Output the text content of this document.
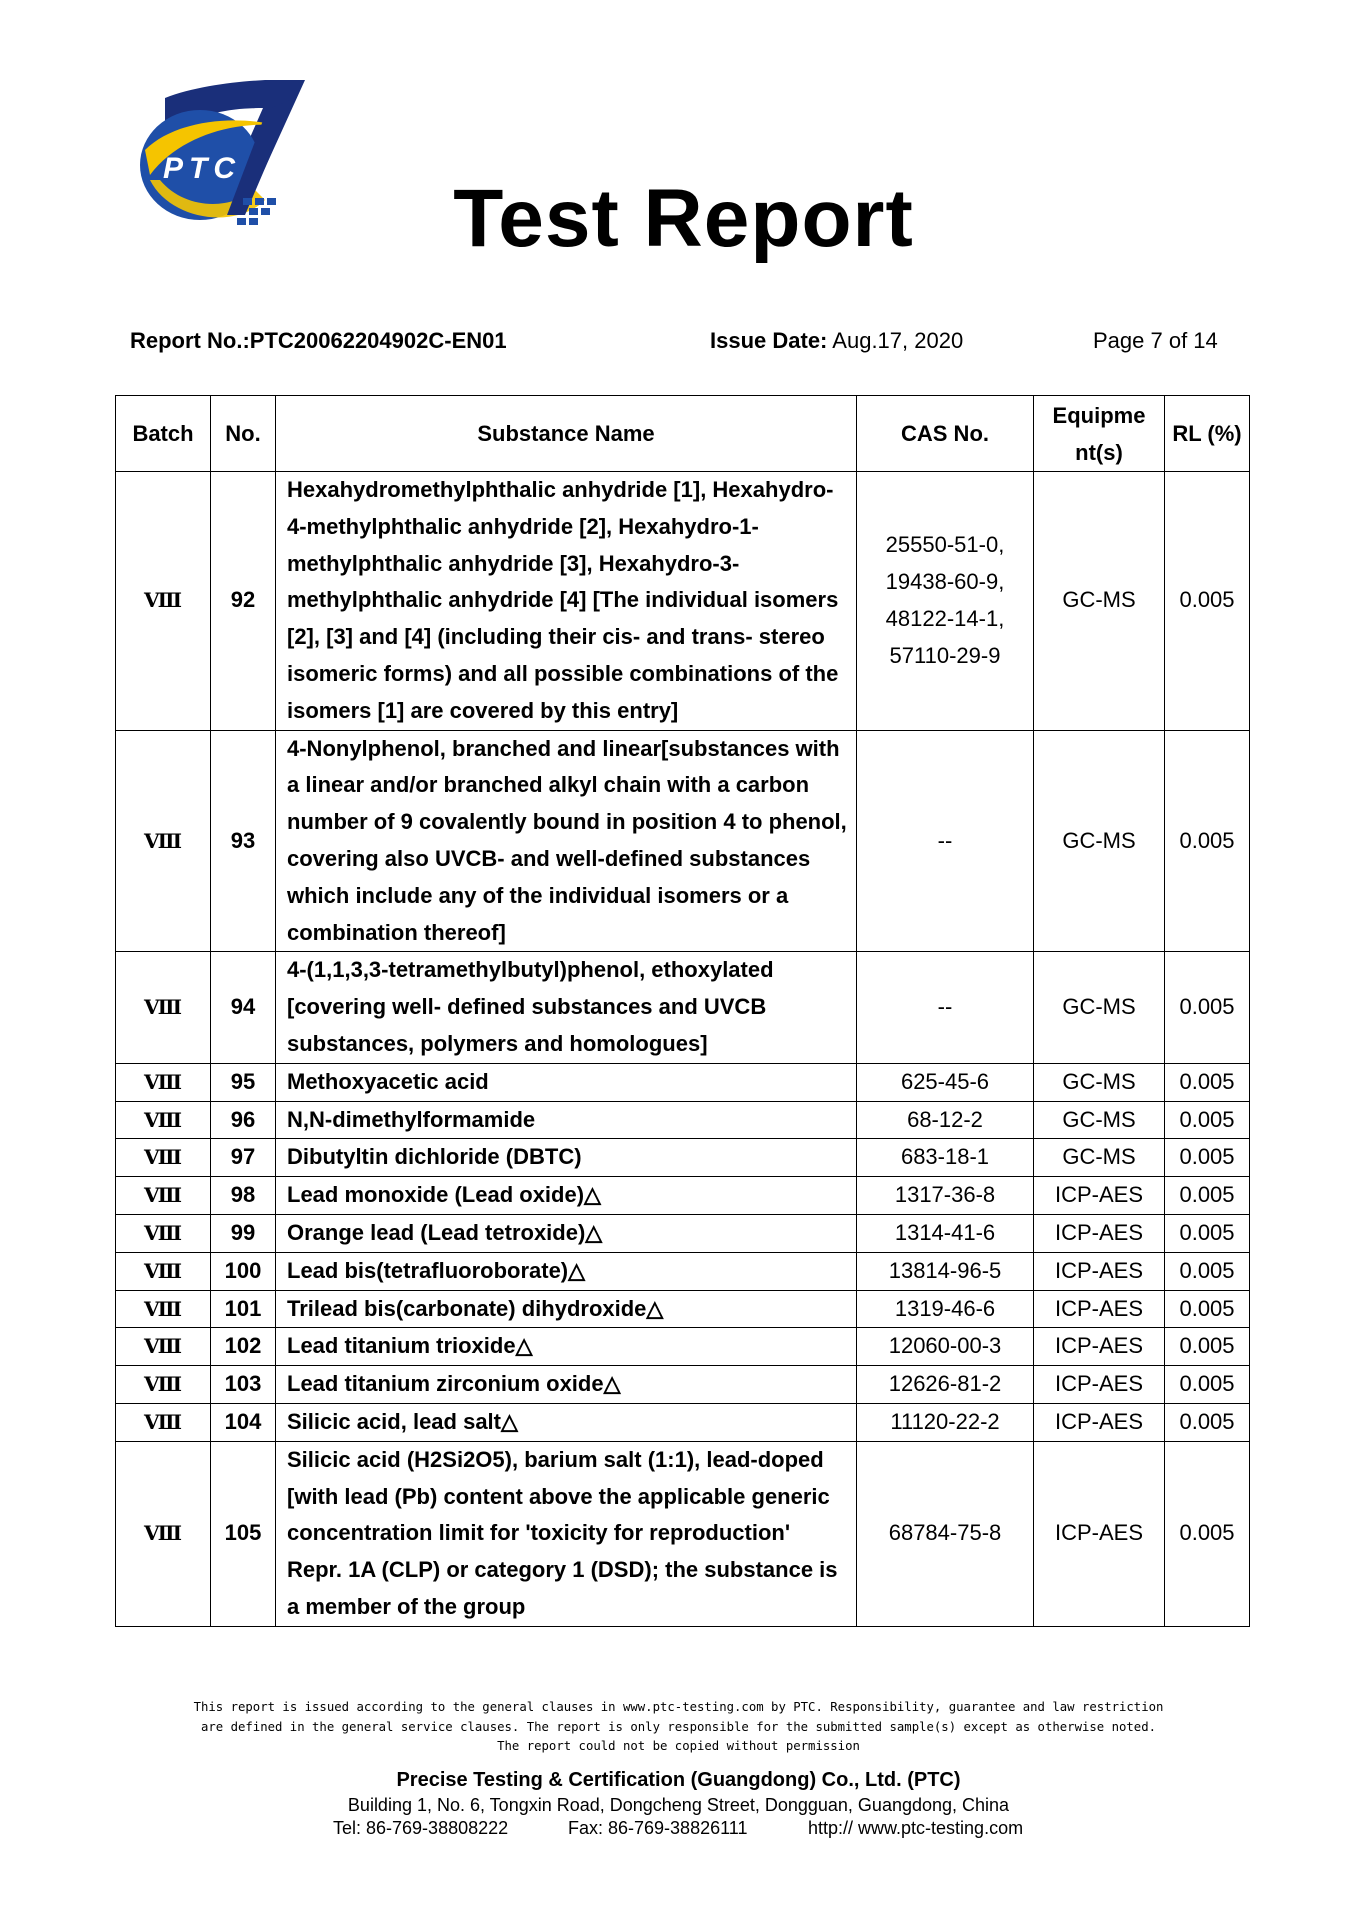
PTC
Test Report
Report No.:PTC20062204902C-EN01	Issue Date: Aug.17, 2020	Page 7 of 14
Batch	No.	Substance Name	CAS No.	Equipme nt(s)	RL (%)
Ⅷ	92	Hexahydromethylphthalic anhydride [1], Hexahydro- 4-methylphthalic anhydride [2], Hexahydro-1-methylphthalic anhydride [3], Hexahydro-3-methylphthalic anhydride [4] [The individual isomers [2], [3] and [4] (including their cis- and trans- stereo isomeric forms) and all possible combinations of the isomers [1] are covered by this entry]	25550-51-0, 19438-60-9, 48122-14-1, 57110-29-9	GC-MS	0.005
Ⅷ	93	4-Nonylphenol, branched and linear[substances with a linear and/or branched alkyl chain with a carbon number of 9 covalently bound in position 4 to phenol, covering also UVCB- and well-defined substances which include any of the individual isomers or a combination thereof]	--	GC-MS	0.005
Ⅷ	94	4-(1,1,3,3-tetramethylbutyl)phenol, ethoxylated [covering well- defined substances and UVCB substances, polymers and homologues]	--	GC-MS	0.005
Ⅷ	95	Methoxyacetic acid	625-45-6	GC-MS	0.005
Ⅷ	96	N,N-dimethylformamide	68-12-2	GC-MS	0.005
Ⅷ	97	Dibutyltin dichloride (DBTC)	683-18-1	GC-MS	0.005
Ⅷ	98	Lead monoxide (Lead oxide)△	1317-36-8	ICP-AES	0.005
Ⅷ	99	Orange lead (Lead tetroxide)△	1314-41-6	ICP-AES	0.005
Ⅷ	100	Lead bis(tetrafluoroborate)△	13814-96-5	ICP-AES	0.005
Ⅷ	101	Trilead bis(carbonate) dihydroxide△	1319-46-6	ICP-AES	0.005
Ⅷ	102	Lead titanium trioxide△	12060-00-3	ICP-AES	0.005
Ⅷ	103	Lead titanium zirconium oxide△	12626-81-2	ICP-AES	0.005
Ⅷ	104	Silicic acid, lead salt△	11120-22-2	ICP-AES	0.005
Ⅷ	105	Silicic acid (H2Si2O5), barium salt (1:1), lead-doped [with lead (Pb) content above the applicable generic concentration limit for 'toxicity for reproduction' Repr. 1A (CLP) or category 1 (DSD); the substance is a member of the group	68784-75-8	ICP-AES	0.005
This report is issued according to the general clauses in www.ptc-testing.com by PTC. Responsibility, guarantee and law restriction
are defined in the general service clauses. The report is only responsible for the submitted sample(s) except as otherwise noted.
The report could not be copied without permission
Precise Testing & Certification (Guangdong) Co., Ltd. (PTC)
Building 1, No. 6, Tongxin Road, Dongcheng Street, Dongguan, Guangdong, China
Tel: 86-769-38808222	Fax: 86-769-38826111	http:// www.ptc-testing.com
